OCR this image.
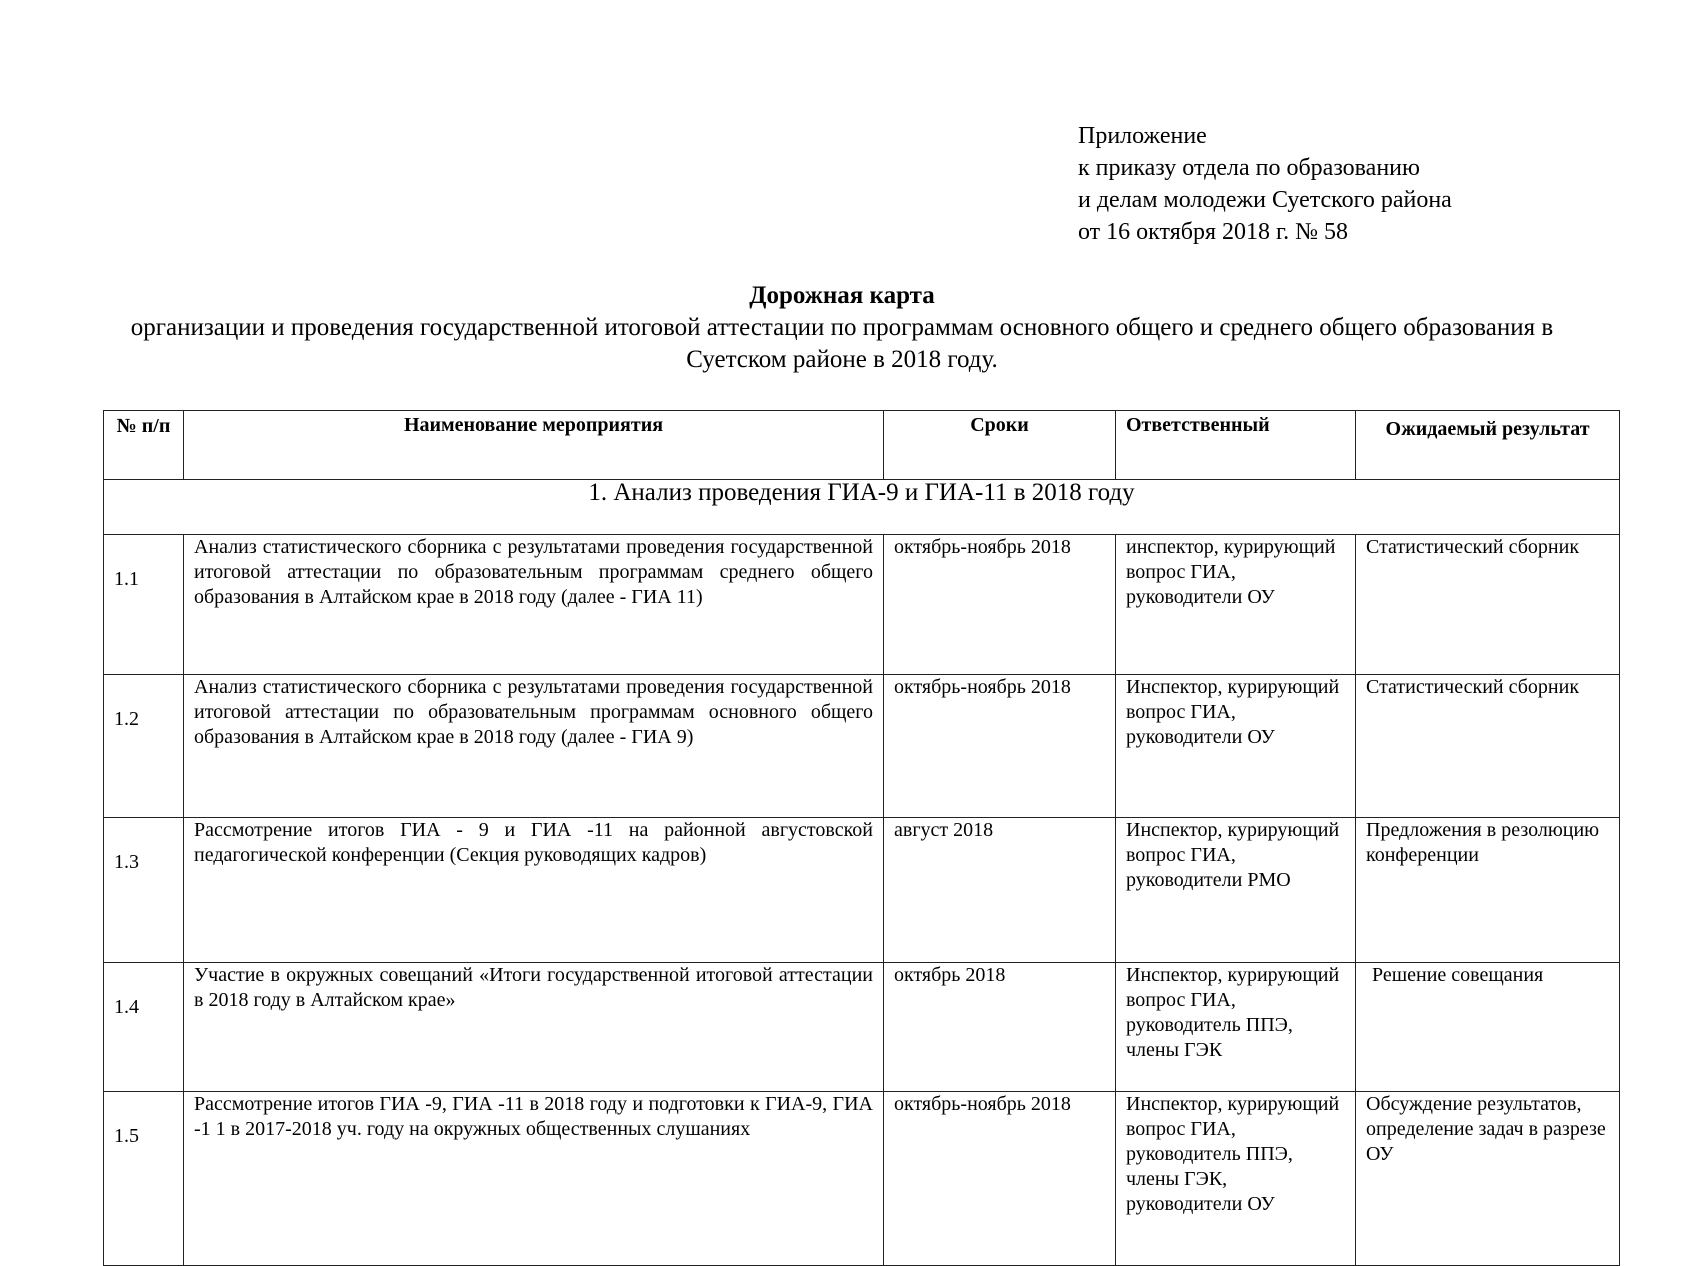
Приложение
к приказу отдела по образованию
и делам молодежи Суетского района
от 16 октября 2018 г. № 58
Дорожная карта
организации и проведения государственной итоговой аттестации по программам основного общего и среднего общего образования в Суетском районе в 2018 году.
№ п/п	Наименование мероприятия	Сроки	Ответственный	Ожидаемый результат
1. Анализ проведения ГИА-9 и ГИА-11 в 2018 году				
1.1	Анализ статистического сборника с результатами проведения государственной итоговой аттестации по образовательным программам среднего общего образования в Алтайском крае в 2018 году (далее - ГИА 11)	октябрь-ноябрь 2018	инспектор, курирующий вопрос ГИА, руководители ОУ	Статистический сборник
1.2	Анализ статистического сборника с результатами проведения государственной итоговой аттестации по образовательным программам основного общего образования в Алтайском крае в 2018 году (далее - ГИА 9)	октябрь-ноябрь 2018	Инспектор, курирующий вопрос ГИА, руководители ОУ	Статистический сборник
1.3	Рассмотрение итогов ГИА - 9 и ГИА -11 на районной августовской педагогической конференции (Секция руководящих кадров)	август 2018	Инспектор, курирующий вопрос ГИА, руководители РМО	Предложения в резолюцию конференции
1.4	Участие в окружных совещаний «Итоги государственной итоговой аттестации в 2018 году в Алтайском крае»	октябрь 2018	Инспектор, курирующий вопрос ГИА, руководитель ППЭ, члены ГЭК	Решение совещания
1.5	Рассмотрение итогов ГИА -9, ГИА -11 в 2018 году и подготовки к ГИА-9, ГИА -1 1 в 2017-2018 уч. году на окружных общественных слушаниях	октябрь-ноябрь 2018	Инспектор, курирующий вопрос ГИА, руководитель ППЭ, члены ГЭК, руководители ОУ	Обсуждение результатов, определение задач в разрезе ОУ
